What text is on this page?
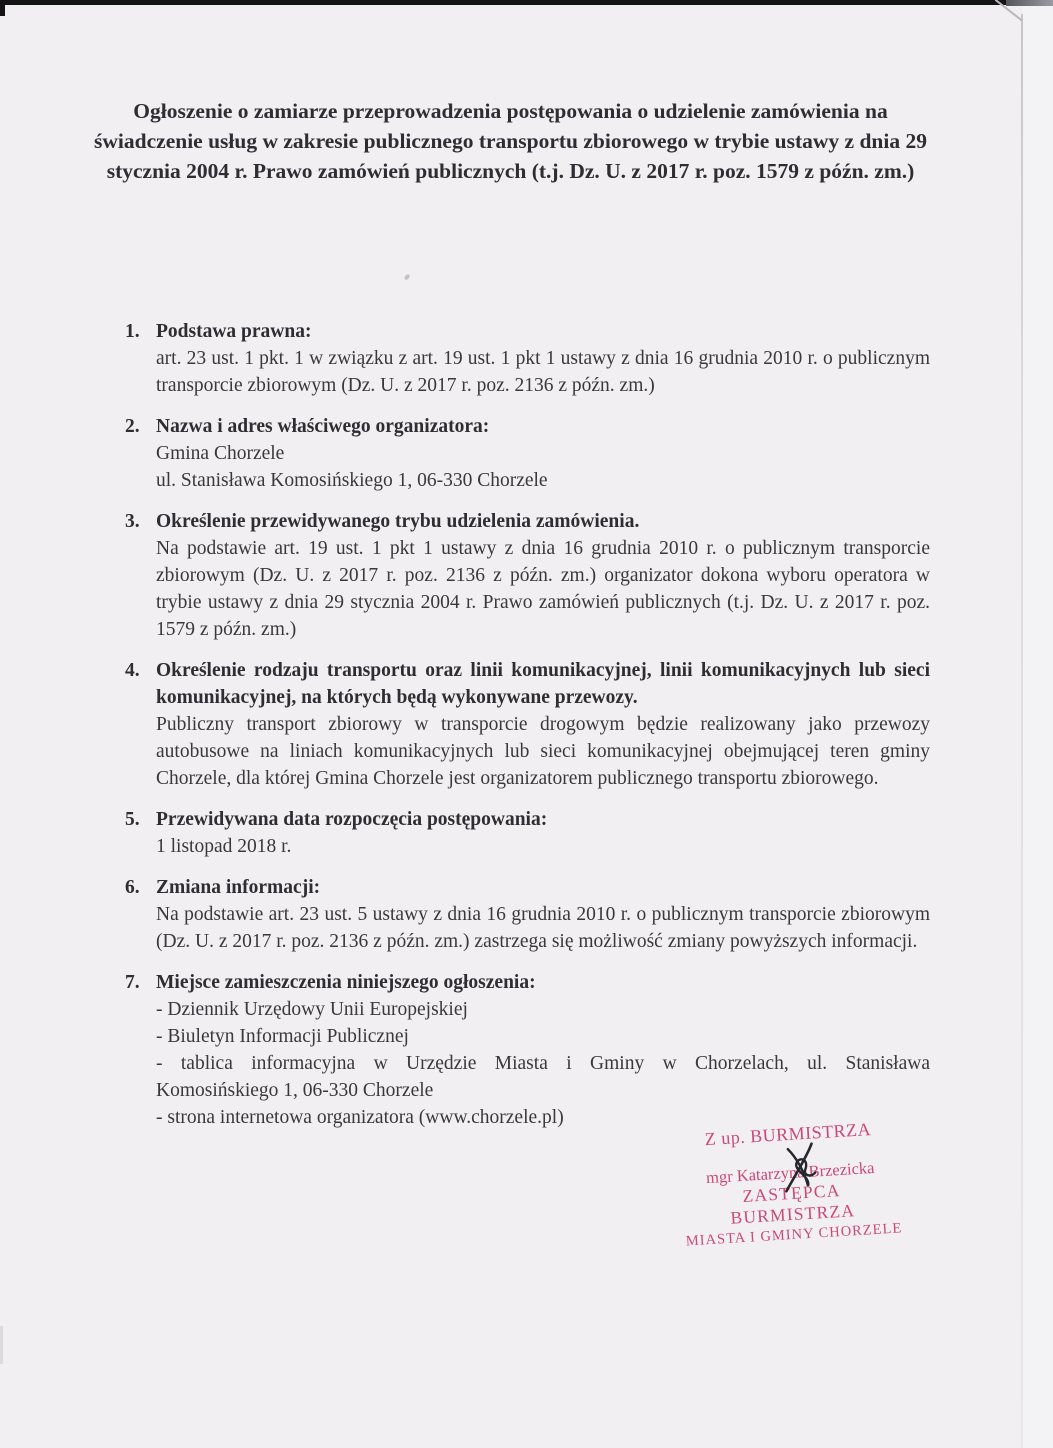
Ogłoszenie o zamiarze przeprowadzenia postępowania o udzielenie zamówienia na świadczenie usług w zakresie publicznego transportu zbiorowego w trybie ustawy z dnia 29 stycznia 2004 r. Prawo zamówień publicznych (t.j. Dz. U. z 2017 r. poz. 1579 z późn. zm.)
1. Podstawa prawna:

art. 23 ust. 1 pkt. 1 w związku z art. 19 ust. 1 pkt 1 ustawy z dnia 16 grudnia 2010 r. o publicznym transporcie zbiorowym (Dz. U. z 2017 r. poz. 2136 z późn. zm.)

2. Nazwa i adres właściwego organizatora:

Gmina Chorzele

ul. Stanisława Komosińskiego 1, 06-330 Chorzele

3. Określenie przewidywanego trybu udzielenia zamówienia.

Na podstawie art. 19 ust. 1 pkt 1 ustawy z dnia 16 grudnia 2010 r. o publicznym transporcie zbiorowym (Dz. U. z 2017 r. poz. 2136 z późn. zm.) organizator dokona wyboru operatora w trybie ustawy z dnia 29 stycznia 2004 r. Prawo zamówień publicznych (t.j. Dz. U. z 2017 r. poz. 1579 z późn. zm.)

4. Określenie rodzaju transportu oraz linii komunikacyjnej, linii komunikacyjnych lub sieci komunikacyjnej, na których będą wykonywane przewozy.

Publiczny transport zbiorowy w transporcie drogowym będzie realizowany jako przewozy autobusowe na liniach komunikacyjnych lub sieci komunikacyjnej obejmującej teren gminy Chorzele, dla której Gmina Chorzele jest organizatorem publicznego transportu zbiorowego.

5. Przewidywana data rozpoczęcia postępowania:

1 listopad 2018 r.

6. Zmiana informacji:

Na podstawie art. 23 ust. 5 ustawy z dnia 16 grudnia 2010 r. o publicznym transporcie zbiorowym (Dz. U. z 2017 r. poz. 2136 z późn. zm.) zastrzega się możliwość zmiany powyższych informacji.

7. Miejsce zamieszczenia niniejszego ogłoszenia:

- Dziennik Urzędowy Unii Europejskiej

- Biuletyn Informacji Publicznej

- tablica informacyjna w Urzędzie Miasta i Gminy w Chorzelach, ul. Stanisława

Komosińskiego 1, 06-330 Chorzele

- strona internetowa organizatora (www.chorzele.pl)

Z up. BURMISTRZA
mgr Katarzyna Brzezicka
ZASTĘPCA BURMISTRZA
MIASTA I GMINY CHORZELE
